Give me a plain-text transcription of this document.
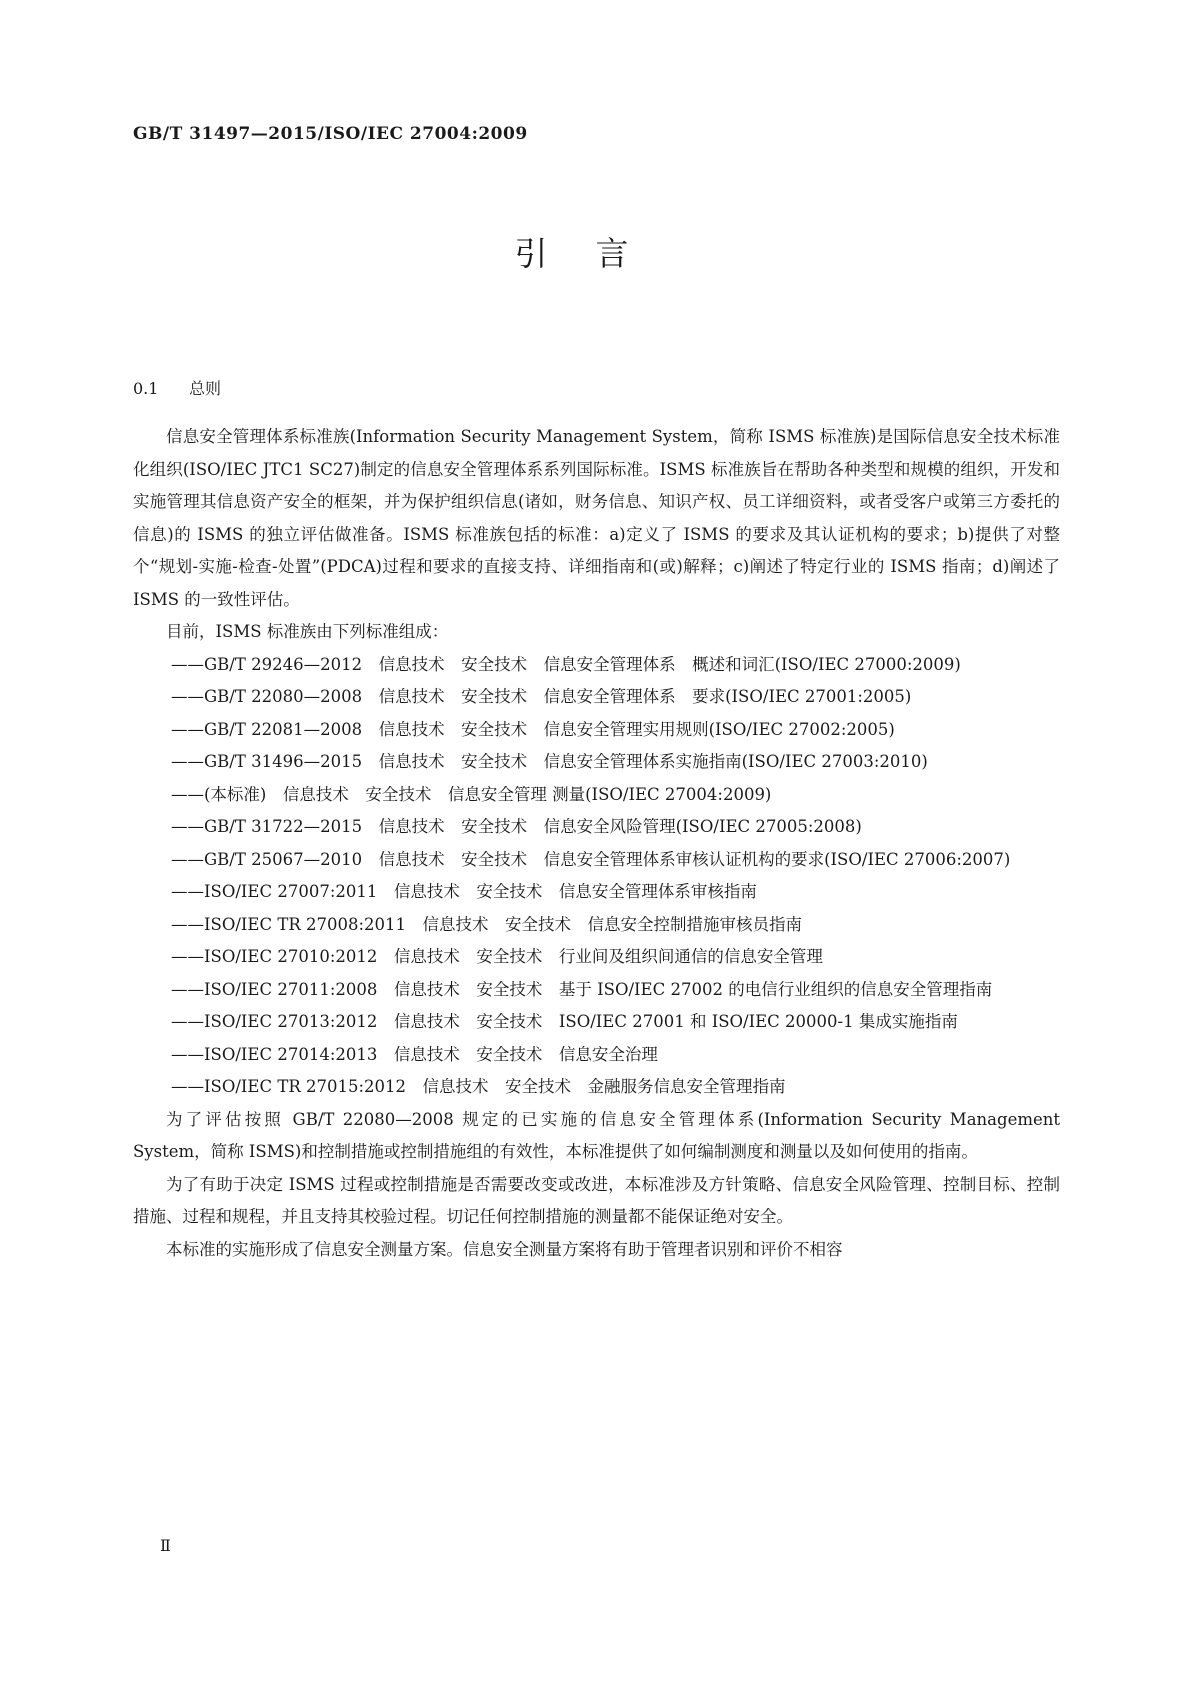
GB/T 31497—2015/ISO/IEC 27004:2009
引言
0.1 总则

信息安全管理体系标准族(Information Security Management System，简称 ISMS 标准族)是国际信息安全技术标准化组织(ISO/IEC JTC1 SC27)制定的信息安全管理体系系列国际标准。ISMS 标准族旨在帮助各种类型和规模的组织，开发和实施管理其信息资产安全的框架，并为保护组织信息(诸如，财务信息、知识产权、员工详细资料，或者受客户或第三方委托的信息)的 ISMS 的独立评估做准备。ISMS 标准族包括的标准：a)定义了 ISMS 的要求及其认证机构的要求；b)提供了对整个“规划-实施-检查-处置”(PDCA)过程和要求的直接支持、详细指南和(或)解释；c)阐述了特定行业的 ISMS 指南；d)阐述了 ISMS 的一致性评估。

目前，ISMS 标准族由下列标准组成：

——GB/T 29246—2012　信息技术　安全技术　信息安全管理体系　概述和词汇(ISO/IEC 27000:2009)

——GB/T 22080—2008　信息技术　安全技术　信息安全管理体系　要求(ISO/IEC 27001:2005)

——GB/T 22081—2008　信息技术　安全技术　信息安全管理实用规则(ISO/IEC 27002:2005)

——GB/T 31496—2015　信息技术　安全技术　信息安全管理体系实施指南(ISO/IEC 27003:2010)

——(本标准)　信息技术　安全技术　信息安全管理 测量(ISO/IEC 27004:2009)

——GB/T 31722—2015　信息技术　安全技术　信息安全风险管理(ISO/IEC 27005:2008)

——GB/T 25067—2010　信息技术　安全技术　信息安全管理体系审核认证机构的要求(ISO/IEC 27006:2007)

——ISO/IEC 27007:2011　信息技术　安全技术　信息安全管理体系审核指南

——ISO/IEC TR 27008:2011　信息技术　安全技术　信息安全控制措施审核员指南

——ISO/IEC 27010:2012　信息技术　安全技术　行业间及组织间通信的信息安全管理

——ISO/IEC 27011:2008　信息技术　安全技术　基于 ISO/IEC 27002 的电信行业组织的信息安全管理指南

——ISO/IEC 27013:2012　信息技术　安全技术　ISO/IEC 27001 和 ISO/IEC 20000-1 集成实施指南

——ISO/IEC 27014:2013　信息技术　安全技术　信息安全治理

——ISO/IEC TR 27015:2012　信息技术　安全技术　金融服务信息安全管理指南

为了评估按照 GB/T 22080—2008 规定的已实施的信息安全管理体系(Information Security Management System，简称 ISMS)和控制措施或控制措施组的有效性，本标准提供了如何编制测度和测量以及如何使用的指南。

为了有助于决定 ISMS 过程或控制措施是否需要改变或改进，本标准涉及方针策略、信息安全风险管理、控制目标、控制措施、过程和规程，并且支持其校验过程。切记任何控制措施的测量都不能保证绝对安全。

本标准的实施形成了信息安全测量方案。信息安全测量方案将有助于管理者识别和评价不相容

Ⅱ
